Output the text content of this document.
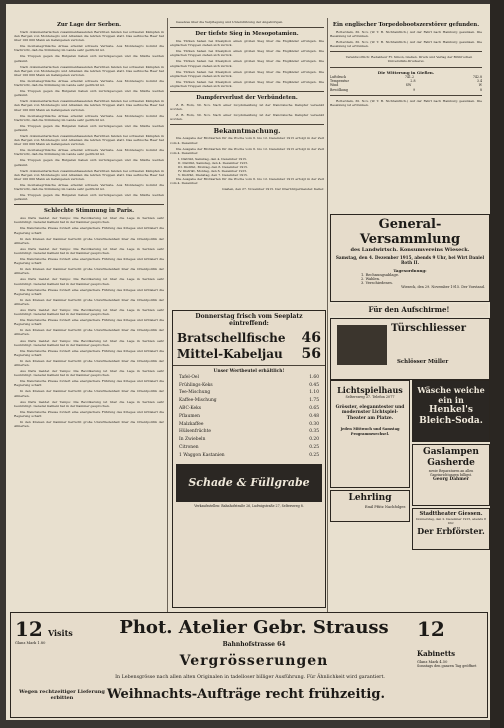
Zur Lage der Serben.

Nach dokumentarischen zusammenfassenden Berichten fanden bei schweren Kämpfen in den Bergen von Montenegro und Albanien die letzten Truppen statt. Das serbische Heer hat über 100 000 Mann an Gefangenen verloren.

Die montenegrinische Armee erleidet schwere Verluste. Aus Montenegro kommt die Nachricht, daß die Stimmung im Lande sehr gedrückt ist.

Die Truppen gegen die Bulgaren haben sich zurückgezogen und die Städte werden geräumt.

Nach dokumentarischen zusammenfassenden Berichten fanden bei schweren Kämpfen in den Bergen von Montenegro und Albanien die letzten Truppen statt. Das serbische Heer hat über 100 000 Mann an Gefangenen verloren.

Die montenegrinische Armee erleidet schwere Verluste. Aus Montenegro kommt die Nachricht, daß die Stimmung im Lande sehr gedrückt ist.

Die Truppen gegen die Bulgaren haben sich zurückgezogen und die Städte werden geräumt.

Nach dokumentarischen zusammenfassenden Berichten fanden bei schweren Kämpfen in den Bergen von Montenegro und Albanien die letzten Truppen statt. Das serbische Heer hat über 100 000 Mann an Gefangenen verloren.

Die montenegrinische Armee erleidet schwere Verluste. Aus Montenegro kommt die Nachricht, daß die Stimmung im Lande sehr gedrückt ist.

Die Truppen gegen die Bulgaren haben sich zurückgezogen und die Städte werden geräumt.

Nach dokumentarischen zusammenfassenden Berichten fanden bei schweren Kämpfen in den Bergen von Montenegro und Albanien die letzten Truppen statt. Das serbische Heer hat über 100 000 Mann an Gefangenen verloren.

Die montenegrinische Armee erleidet schwere Verluste. Aus Montenegro kommt die Nachricht, daß die Stimmung im Lande sehr gedrückt ist.

Die Truppen gegen die Bulgaren haben sich zurückgezogen und die Städte werden geräumt.

Nach dokumentarischen zusammenfassenden Berichten fanden bei schweren Kämpfen in den Bergen von Montenegro und Albanien die letzten Truppen statt. Das serbische Heer hat über 100 000 Mann an Gefangenen verloren.

Die montenegrinische Armee erleidet schwere Verluste. Aus Montenegro kommt die Nachricht, daß die Stimmung im Lande sehr gedrückt ist.

Die Truppen gegen die Bulgaren haben sich zurückgezogen und die Städte werden geräumt.

Schlechte Stimmung in Paris.

Aus Paris meldet der Temps: Die Bevölkerung ist über die Lage in Serbien sehr beunruhigt. General Gallieni hat in der Kammer gesprochen.

Die französische Presse fordert eine energischere Führung des Krieges und kritisiert die Regierung scharf.

In den Kreisen der Kammer herrscht große Unzufriedenheit über die Orientpolitik der Alliierten.

Aus Paris meldet der Temps: Die Bevölkerung ist über die Lage in Serbien sehr beunruhigt. General Gallieni hat in der Kammer gesprochen.

Die französische Presse fordert eine energischere Führung des Krieges und kritisiert die Regierung scharf.

In den Kreisen der Kammer herrscht große Unzufriedenheit über die Orientpolitik der Alliierten.

Aus Paris meldet der Temps: Die Bevölkerung ist über die Lage in Serbien sehr beunruhigt. General Gallieni hat in der Kammer gesprochen.

Die französische Presse fordert eine energischere Führung des Krieges und kritisiert die Regierung scharf.

In den Kreisen der Kammer herrscht große Unzufriedenheit über die Orientpolitik der Alliierten.

Aus Paris meldet der Temps: Die Bevölkerung ist über die Lage in Serbien sehr beunruhigt. General Gallieni hat in der Kammer gesprochen.

Die französische Presse fordert eine energischere Führung des Krieges und kritisiert die Regierung scharf.

In den Kreisen der Kammer herrscht große Unzufriedenheit über die Orientpolitik der Alliierten.

Aus Paris meldet der Temps: Die Bevölkerung ist über die Lage in Serbien sehr beunruhigt. General Gallieni hat in der Kammer gesprochen.

Die französische Presse fordert eine energischere Führung des Krieges und kritisiert die Regierung scharf.

In den Kreisen der Kammer herrscht große Unzufriedenheit über die Orientpolitik der Alliierten.

Aus Paris meldet der Temps: Die Bevölkerung ist über die Lage in Serbien sehr beunruhigt. General Gallieni hat in der Kammer gesprochen.

Die französische Presse fordert eine energischere Führung des Krieges und kritisiert die Regierung scharf.

In den Kreisen der Kammer herrscht große Unzufriedenheit über die Orientpolitik der Alliierten.

Aus Paris meldet der Temps: Die Bevölkerung ist über die Lage in Serbien sehr beunruhigt. General Gallieni hat in der Kammer gesprochen.

Die französische Presse fordert eine energischere Führung des Krieges und kritisiert die Regierung scharf.

In den Kreisen der Kammer herrscht große Unzufriedenheit über die Orientpolitik der Alliierten.

Gesetzes über die Verpflegung und Unterstützung der Angehörigen.

Der tiefste Sieg in Mesopotamien.

Die Türken haben bei Ktesiphon einen großen Sieg über die Engländer errungen. Die englischen Truppen ziehen sich zurück.

Die Türken haben bei Ktesiphon einen großen Sieg über die Engländer errungen. Die englischen Truppen ziehen sich zurück.

Die Türken haben bei Ktesiphon einen großen Sieg über die Engländer errungen. Die englischen Truppen ziehen sich zurück.

Die Türken haben bei Ktesiphon einen großen Sieg über die Engländer errungen. Die englischen Truppen ziehen sich zurück.

Die Türken haben bei Ktesiphon einen großen Sieg über die Engländer errungen. Die englischen Truppen ziehen sich zurück.

Dampferverlust der Verbündeten.

Z. B. Rom, 30. Nov. Nach einer Lloydsmeldung ist der französische Dampfer versenkt worden.

Z. B. Rom, 30. Nov. Nach einer Lloydsmeldung ist der französische Dampfer versenkt worden.

Bekanntmachung.

Die Ausgabe der Brotkarten für die Woche vom 6. bis 12. Dezember 1915 erfolgt in der Zeit vom 4. Dezember.

Die Ausgabe der Brotkarten für die Woche vom 6. bis 12. Dezember 1915 erfolgt in der Zeit vom 4. Dezember.

I. Distrikt, Samstag, den 4. Dezember 1915.
II. Distrikt, Samstag, den 4. Dezember 1915.
III. Distrikt, Montag, den 6. Dezember 1915.
IV. Distrikt, Montag, den 6. Dezember 1915.
V. Distrikt, Dienstag, den 7. Dezember 1915.

Die Ausgabe der Brotkarten für die Woche vom 6. bis 12. Dezember 1915 erfolgt in der Zeit vom 4. Dezember.

Gießen, den 27. November 1915. Der Oberbürgermeister. Keller.

Ein englischer Torpedobootszerstörer gefunden.

Rotterdam, 30. Nov. (W. T. B. Nichtamtlich.) Auf der Fahrt nach Hamburg gesunken. Die Besatzung ist ertrunken.

Rotterdam, 30. Nov. (W. T. B. Nichtamtlich.) Auf der Fahrt nach Hamburg gesunken. Die Besatzung ist ertrunken.

Verantwortlich: Redakteur Fr. Simon, Gießen. Druck und Verlag der Brühl'schen Universitäts-Druckerei.

Die Witterung in Gießen.
Luftdruck	741.2	742.8
Temperatur	2.8	3.4
Wind	SW	W
Bewölkung	9	8

Rotterdam, 30. Nov. (W. T. B. Nichtamtlich.) Auf der Fahrt nach Hamburg gesunken. Die Besatzung ist ertrunken.

General-Versammlung
des Landwirtsch. Konsumvereins Wieseck.
Samstag, den 4. Dezember 1915, abends 9 Uhr, bei Wirt Daniel Roth II.
Tagesordnung:
1. Rechnungsablage.
2. Wahlen.
3. Verschiedenes.
Wieseck, den 29. November 1915. Der Vorstand.
Für den Aufschirme!
Türschliesser
Schlösser Müller
Wäsche weiche ein in
Henkel's Bleich-Soda.
Gaslampen Gasherde
sowie Reparaturen an allen Gaseinrichtungen billigst.
Georg Dahmer
Stadttheater Giessen.
Donnerstag, den 2. Dezember 1915, abends 8 Uhr.
Der Erbförster.
Lichtspielhaus
Seltersweg 37. Telefon 2077
Grösster, eleganntester und modernster Lichtspiel-Theater am Platze.
Jeden Mittwoch und Samstag Programmwechsel.
Lehrling
Emil Pfütz Nachfolger.
Donnerstag frisch vom Seeplatz eintreffend:
Bratschellfische 46
Mittel-Kabeljau 56
Unser Wertbeutel erhältlich!
Tafel-Oel	1.60
Frühlings-Keks	0.45
Tee-Mischung	1.10
Kaffee-Mischung	1.75
ABC-Keks	0.65
Pflaumen	0.48
Malzkaffee	0.30
Hülsenfrüchte	0.35
In Zwiebeln	0.20
Citronen	0.25
1 Waggon Kastanien	0.25
Schade & Füllgrabe
Verkaufsstellen: Bahnhofstraße 26, Ludwigstraße 27, Seltersweg 8.
12 Visits
Glanz Mark 1.80
Phot. Atelier Gebr. Strauss
Bahnhofstrasse 64
12 Kabinetts
Glanz Mark 4.50
Sonntags den ganzen Tag geöffnet
Vergrösserungen
In Lebensgrösse nach allen alten Originalen in tadelloser billiger Ausführung. Für Ähnlichkeit wird garantiert.
Wegen rechtzeitiger Lieferung erbitten	Weihnachts-Aufträge recht frühzeitig.
